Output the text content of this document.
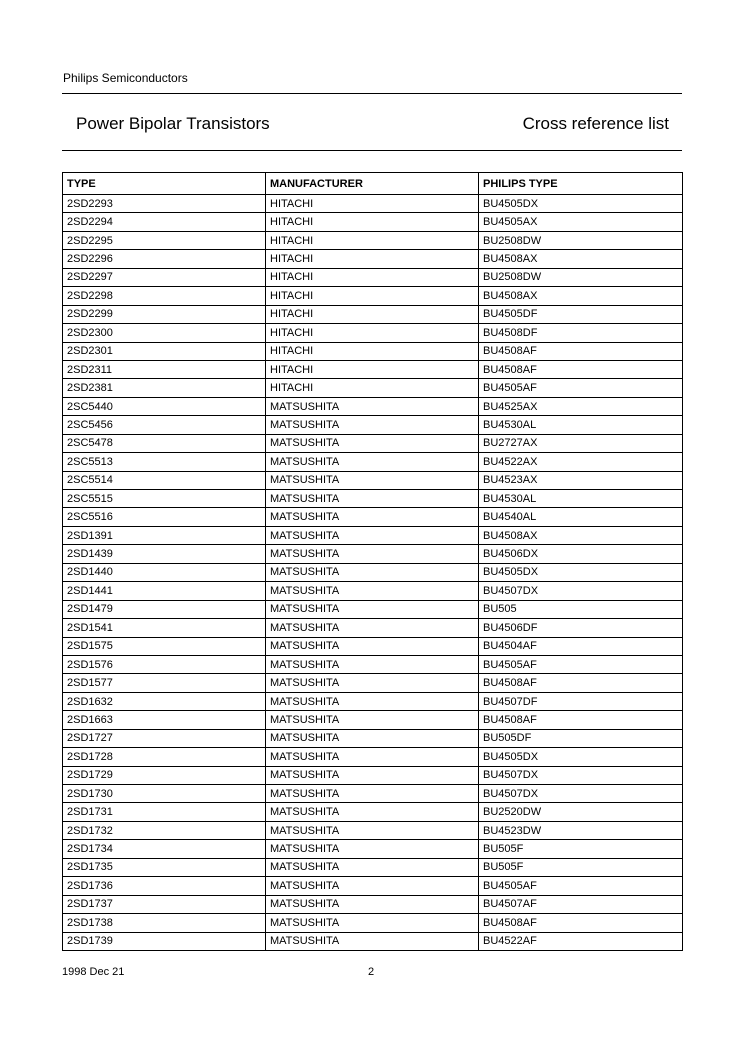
Philips Semiconductors
Power Bipolar Transistors	Cross reference list
TYPE	MANUFACTURER	PHILIPS TYPE
2SD2293	HITACHI	BU4505DX
2SD2294	HITACHI	BU4505AX
2SD2295	HITACHI	BU2508DW
2SD2296	HITACHI	BU4508AX
2SD2297	HITACHI	BU2508DW
2SD2298	HITACHI	BU4508AX
2SD2299	HITACHI	BU4505DF
2SD2300	HITACHI	BU4508DF
2SD2301	HITACHI	BU4508AF
2SD2311	HITACHI	BU4508AF
2SD2381	HITACHI	BU4505AF
2SC5440	MATSUSHITA	BU4525AX
2SC5456	MATSUSHITA	BU4530AL
2SC5478	MATSUSHITA	BU2727AX
2SC5513	MATSUSHITA	BU4522AX
2SC5514	MATSUSHITA	BU4523AX
2SC5515	MATSUSHITA	BU4530AL
2SC5516	MATSUSHITA	BU4540AL
2SD1391	MATSUSHITA	BU4508AX
2SD1439	MATSUSHITA	BU4506DX
2SD1440	MATSUSHITA	BU4505DX
2SD1441	MATSUSHITA	BU4507DX
2SD1479	MATSUSHITA	BU505
2SD1541	MATSUSHITA	BU4506DF
2SD1575	MATSUSHITA	BU4504AF
2SD1576	MATSUSHITA	BU4505AF
2SD1577	MATSUSHITA	BU4508AF
2SD1632	MATSUSHITA	BU4507DF
2SD1663	MATSUSHITA	BU4508AF
2SD1727	MATSUSHITA	BU505DF
2SD1728	MATSUSHITA	BU4505DX
2SD1729	MATSUSHITA	BU4507DX
2SD1730	MATSUSHITA	BU4507DX
2SD1731	MATSUSHITA	BU2520DW
2SD1732	MATSUSHITA	BU4523DW
2SD1734	MATSUSHITA	BU505F
2SD1735	MATSUSHITA	BU505F
2SD1736	MATSUSHITA	BU4505AF
2SD1737	MATSUSHITA	BU4507AF
2SD1738	MATSUSHITA	BU4508AF
2SD1739	MATSUSHITA	BU4522AF
1998 Dec 21	2
